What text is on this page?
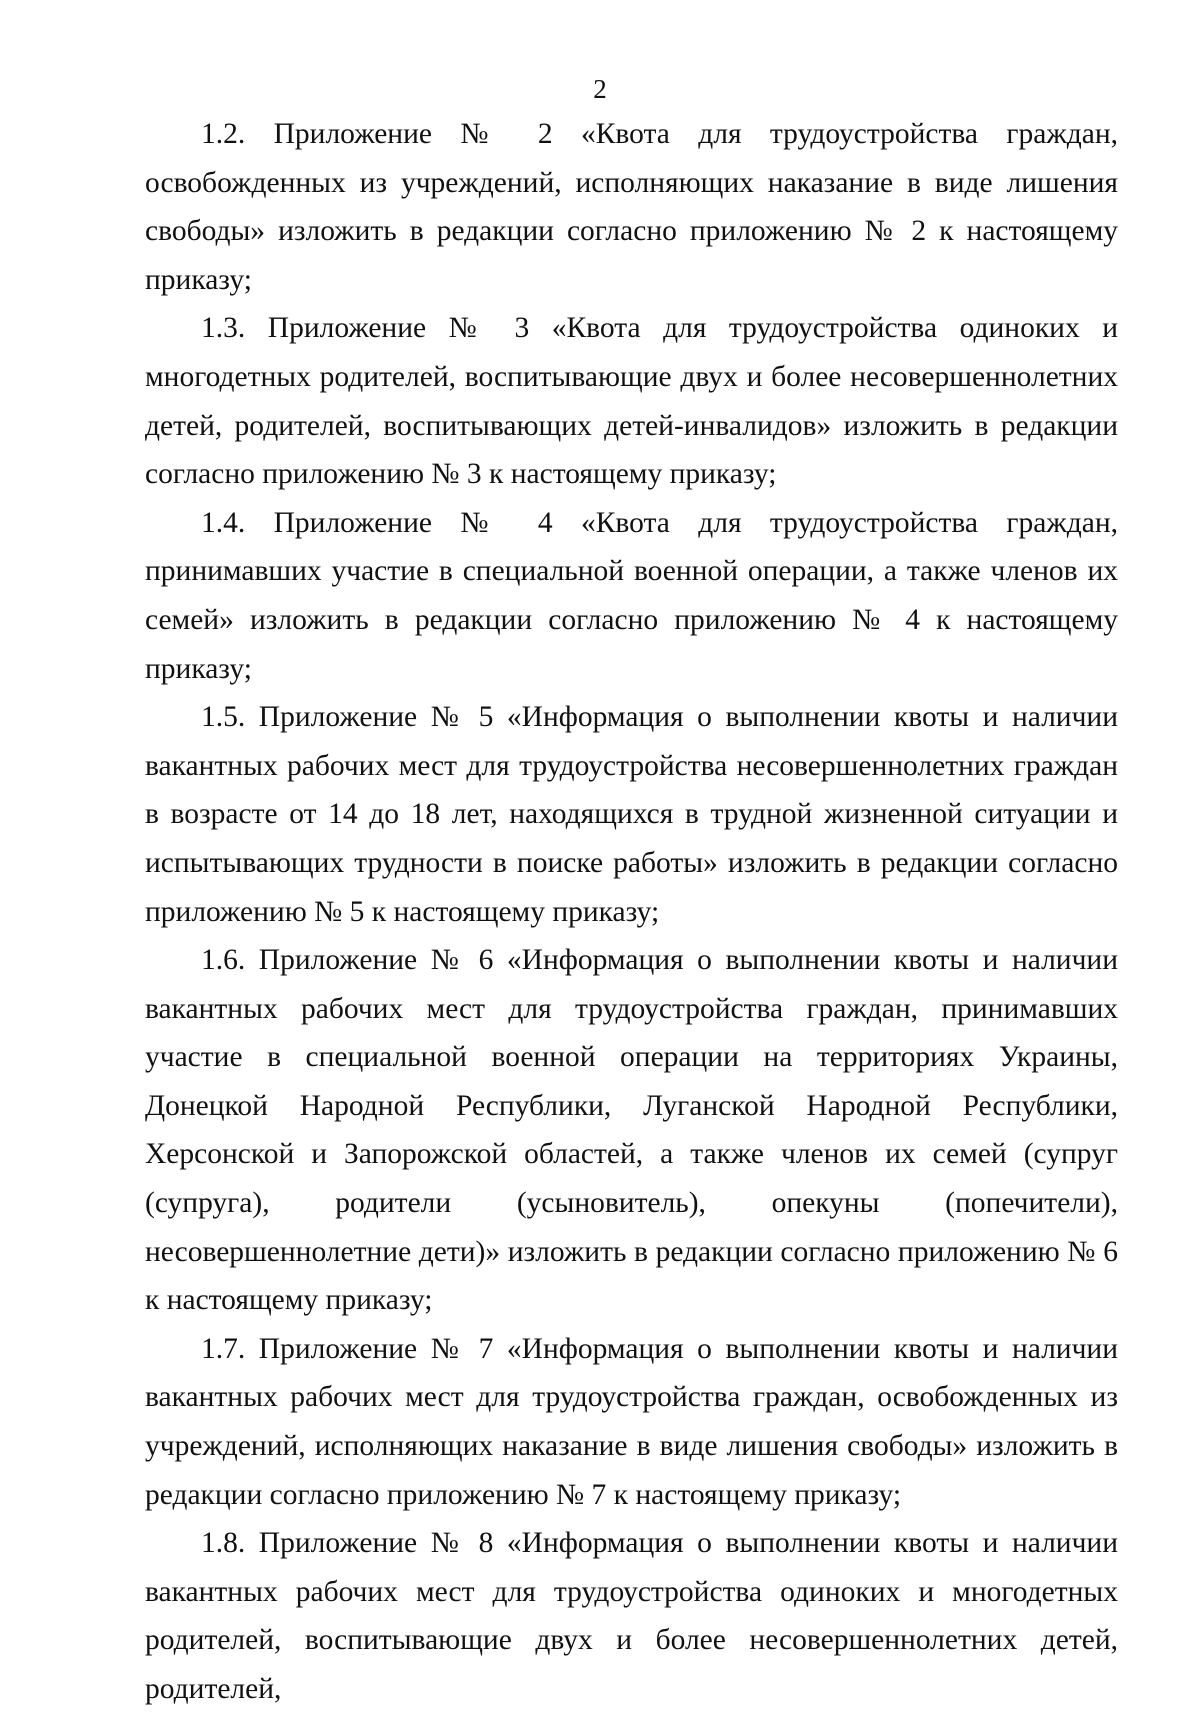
2

1.2. Приложение № 2 «Квота для трудоустройства граждан, освобожденных из учреждений, исполняющих наказание в виде лишения свободы» изложить в редакции согласно приложению № 2 к настоящему приказу;

1.3. Приложение № 3 «Квота для трудоустройства одиноких и многодетных родителей, воспитывающие двух и более несовершеннолетних детей, родителей, воспитывающих детей-инвалидов» изложить в редакции согласно приложению № 3 к настоящему приказу;

1.4. Приложение № 4 «Квота для трудоустройства граждан, принимавших участие в специальной военной операции, а также членов их семей» изложить в редакции согласно приложению № 4 к настоящему приказу;

1.5. Приложение № 5 «Информация о выполнении квоты и наличии вакантных рабочих мест для трудоустройства несовершеннолетних граждан в возрасте от 14 до 18 лет, находящихся в трудной жизненной ситуации и испытывающих трудности в поиске работы» изложить в редакции согласно приложению № 5 к настоящему приказу;

1.6. Приложение № 6 «Информация о выполнении квоты и наличии вакантных рабочих мест для трудоустройства граждан, принимавших участие в специальной военной операции на территориях Украины, Донецкой Народной Республики, Луганской Народной Республики, Херсонской и Запорожской областей, а также членов их семей (супруг (супруга), родители (усыновитель), опекуны (попечители), несовершеннолетние дети)» изложить в редакции согласно приложению № 6 к настоящему приказу;

1.7. Приложение № 7 «Информация о выполнении квоты и наличии вакантных рабочих мест для трудоустройства граждан, освобожденных из учреждений, исполняющих наказание в виде лишения свободы» изложить в редакции согласно приложению № 7 к настоящему приказу;

1.8. Приложение № 8 «Информация о выполнении квоты и наличии вакантных рабочих мест для трудоустройства одиноких и многодетных родителей, воспитывающие двух и более несовершеннолетних детей, родителей,
